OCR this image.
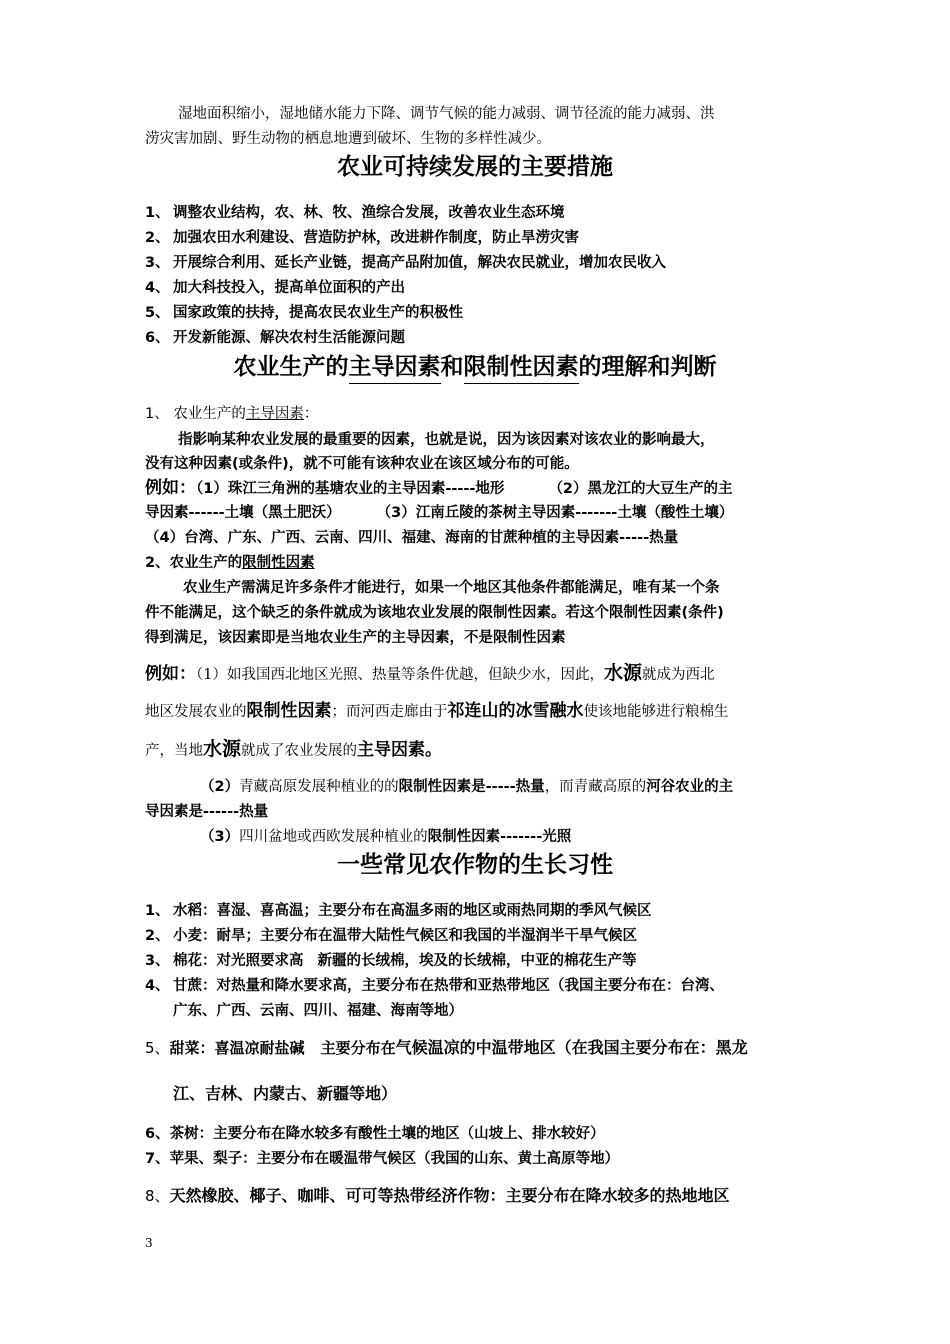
湿地面积缩小，湿地储水能力下降、调节气候的能力减弱、调节径流的能力减弱、洪
涝灾害加剧、野生动物的栖息地遭到破坏、生物的多样性减少。
农业可持续发展的主要措施
1、 调整农业结构，农、林、牧、渔综合发展，改善农业生态环境
2、 加强农田水利建设、营造防护林，改进耕作制度，防止旱涝灾害
3、 开展综合利用、延长产业链，提高产品附加值，解决农民就业，增加农民收入
4、 加大科技投入，提高单位面积的产出
5、 国家政策的扶持，提高农民农业生产的积极性
6、 开发新能源、解决农村生活能源问题
农业生产的主导因素和限制性因素的理解和判断
1、 农业生产的主导因素：
指影响某种农业发展的最重要的因素，也就是说，因为该因素对该农业的影响最大，
没有这种因素(或条件)，就不可能有该种农业在该区域分布的可能。
例如：（1）珠江三角洲的基塘农业的主导因素-----地形	（2）黑龙江的大豆生产的主
导因素------土壤（黑土肥沃） （3）江南丘陵的茶树主导因素-------土壤（酸性土壤）
（4）台湾、广东、广西、云南、四川、福建、海南的甘蔗种植的主导因素-----热量
2、农业生产的限制性因素
农业生产需满足许多条件才能进行，如果一个地区其他条件都能满足，唯有某一个条
件不能满足，这个缺乏的条件就成为该地农业发展的限制性因素。若这个限制性因素(条件)
得到满足，该因素即是当地农业生产的主导因素，不是限制性因素
例如：（1）如我国西北地区光照、热量等条件优越，但缺少水，因此，水源就成为西北
地区发展农业的限制性因素；而河西走廊由于祁连山的冰雪融水使该地能够进行粮棉生
产，当地水源就成了农业发展的主导因素。
（2）青藏高原发展种植业的的限制性因素是-----热量，而青藏高原的河谷农业的主
导因素是------热量
（3）四川盆地或西欧发展种植业的限制性因素-------光照
一些常见农作物的生长习性
1、 水稻：喜湿、喜高温；主要分布在高温多雨的地区或雨热同期的季风气候区
2、 小麦：耐旱；主要分布在温带大陆性气候区和我国的半湿润半干旱气候区
3、 棉花：对光照要求高 新疆的长绒棉，埃及的长绒棉，中亚的棉花生产等
4、 甘蔗：对热量和降水要求高，主要分布在热带和亚热带地区（我国主要分布在：台湾、
广东、广西、云南、四川、福建、海南等地）
5、甜菜：喜温凉耐盐碱 主要分布在气候温凉的中温带地区（在我国主要分布在：黑龙
江、吉林、内蒙古、新疆等地）
6、茶树：主要分布在降水较多有酸性土壤的地区（山坡上、排水较好）
7、苹果、梨子：主要分布在暖温带气候区（我国的山东、黄土高原等地）
8、天然橡胶、椰子、咖啡、可可等热带经济作物：主要分布在降水较多的热地地区
3
